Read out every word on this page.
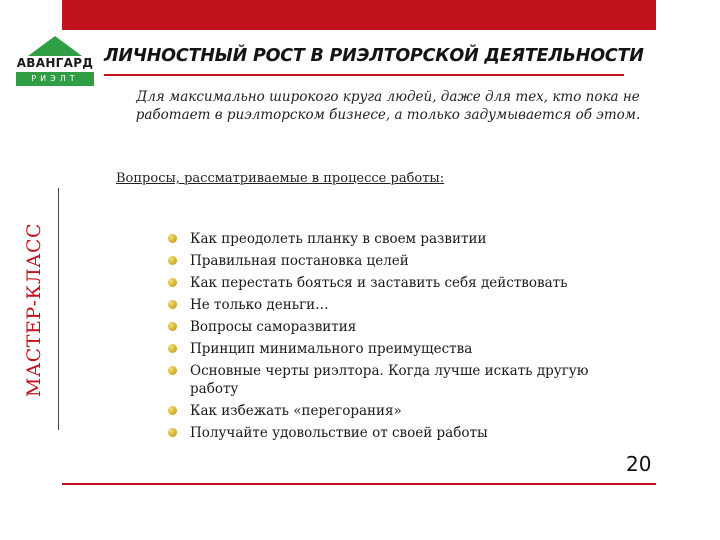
АВАНГАРД
РИЭЛТ
ЛИЧНОСТНЫЙ РОСТ В РИЭЛТОРСКОЙ ДЕЯТЕЛЬНОСТИ
Для максимально широкого круга людей, даже для тех, кто пока не работает в риэлторском бизнесе, а только задумывается об этом.
Вопросы, рассматриваемые в процессе работы:
МАСТЕР-КЛАСС	Как преодолеть планку в своем развитии
Правильная постановка целей
Как перестать бояться и заставить себя действовать
Не только деньги…
Вопросы саморазвития
Принцип минимального преимущества
Основные черты риэлтора. Когда лучше искать другую работу
Как избежать «перегорания»
Получайте удовольствие от своей работы
20
